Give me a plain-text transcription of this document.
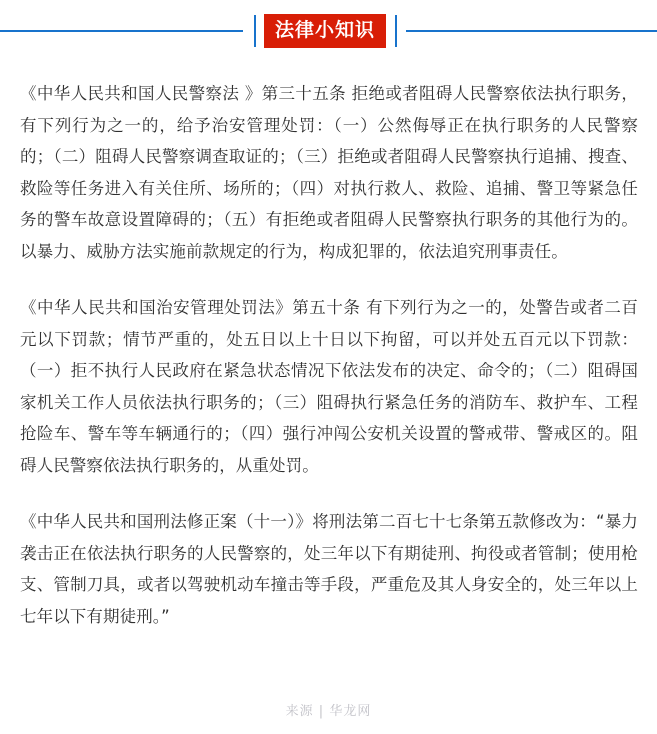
法律小知识

《中华人民共和国人民警察法 》第三十五条 拒绝或者阻碍人民警察依法执行职务，有下列行为之一的，给予治安管理处罚：（一）公然侮辱正在执行职务的人民警察的；（二）阻碍人民警察调查取证的；（三）拒绝或者阻碍人民警察执行追捕、搜查、救险等任务进入有关住所、场所的；（四）对执行救人、救险、追捕、警卫等紧急任务的警车故意设置障碍的；（五）有拒绝或者阻碍人民警察执行职务的其他行为的。以暴力、威胁方法实施前款规定的行为，构成犯罪的，依法追究刑事责任。

《中华人民共和国治安管理处罚法》第五十条 有下列行为之一的，处警告或者二百元以下罚款；情节严重的，处五日以上十日以下拘留，可以并处五百元以下罚款：（一）拒不执行人民政府在紧急状态情况下依法发布的决定、命令的；（二）阻碍国家机关工作人员依法执行职务的；（三）阻碍执行紧急任务的消防车、救护车、工程抢险车、警车等车辆通行的；（四）强行冲闯公安机关设置的警戒带、警戒区的。阻碍人民警察依法执行职务的，从重处罚。

《中华人民共和国刑法修正案（十一）》将刑法第二百七十七条第五款修改为：“暴力袭击正在依法执行职务的人民警察的，处三年以下有期徒刑、拘役或者管制；使用枪支、管制刀具，或者以驾驶机动车撞击等手段，严重危及其人身安全的，处三年以上七年以下有期徒刑。”

来源 | 华龙网
